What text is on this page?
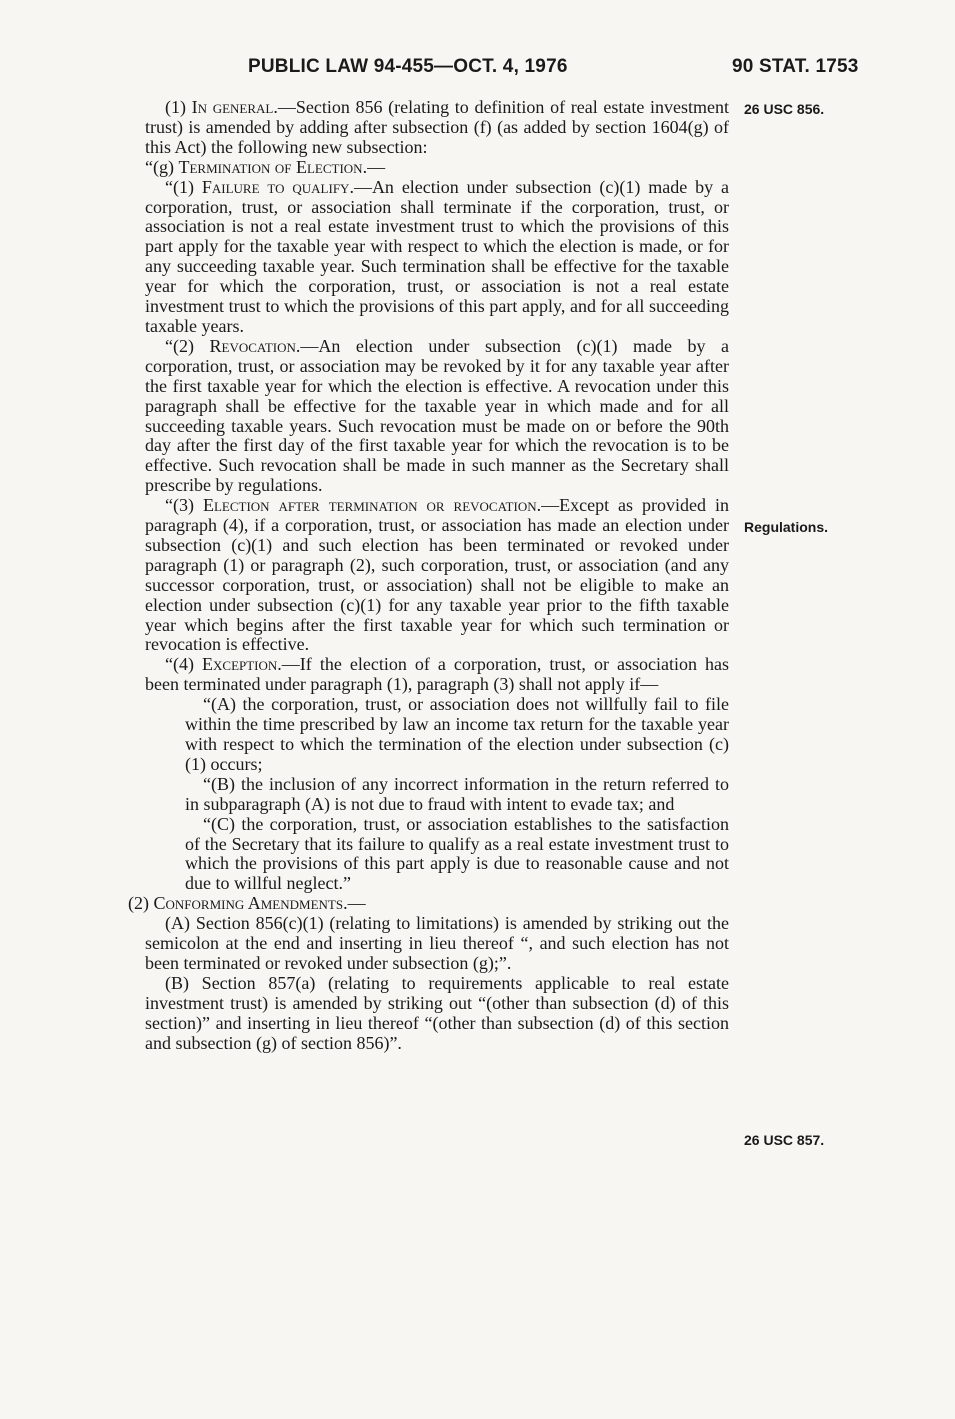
PUBLIC LAW 94-455—OCT. 4, 1976	90 STAT. 1753
26 USC 856.
Regulations.
26 USC 857.

(1) In general.—Section 856 (relating to definition of real estate investment trust) is amended by adding after subsection (f) (as added by section 1604(g) of this Act) the following new subsection:

“(g) Termination of Election.—

“(1) Failure to qualify.—An election under subsection (c)(1) made by a corporation, trust, or association shall terminate if the corporation, trust, or association is not a real estate investment trust to which the provisions of this part apply for the taxable year with respect to which the election is made, or for any succeeding taxable year. Such termination shall be effective for the taxable year for which the corporation, trust, or association is not a real estate investment trust to which the provisions of this part apply, and for all succeeding taxable years.

“(2) Revocation.—An election under subsection (c)(1) made by a corporation, trust, or association may be revoked by it for any taxable year after the first taxable year for which the election is effective. A revocation under this paragraph shall be effective for the taxable year in which made and for all succeeding taxable years. Such revocation must be made on or before the 90th day after the first day of the first taxable year for which the revocation is to be effective. Such revocation shall be made in such manner as the Secretary shall prescribe by regulations.

“(3) Election after termination or revocation.—Except as provided in paragraph (4), if a corporation, trust, or association has made an election under subsection (c)(1) and such election has been terminated or revoked under paragraph (1) or paragraph (2), such corporation, trust, or association (and any successor corporation, trust, or association) shall not be eligible to make an election under subsection (c)(1) for any taxable year prior to the fifth taxable year which begins after the first taxable year for which such termination or revocation is effective.

“(4) Exception.—If the election of a corporation, trust, or association has been terminated under paragraph (1), paragraph (3) shall not apply if—

“(A) the corporation, trust, or association does not willfully fail to file within the time prescribed by law an income tax return for the taxable year with respect to which the termination of the election under subsection (c)(1) occurs;

“(B) the inclusion of any incorrect information in the return referred to in subparagraph (A) is not due to fraud with intent to evade tax; and

“(C) the corporation, trust, or association establishes to the satisfaction of the Secretary that its failure to qualify as a real estate investment trust to which the provisions of this part apply is due to reasonable cause and not due to willful neglect.”

(2) Conforming Amendments.—

(A) Section 856(c)(1) (relating to limitations) is amended by striking out the semicolon at the end and inserting in lieu thereof “, and such election has not been terminated or revoked under subsection (g);”.

(B) Section 857(a) (relating to requirements applicable to real estate investment trust) is amended by striking out “(other than subsection (d) of this section)” and inserting in lieu thereof “(other than subsection (d) of this section and subsection (g) of section 856)”.
